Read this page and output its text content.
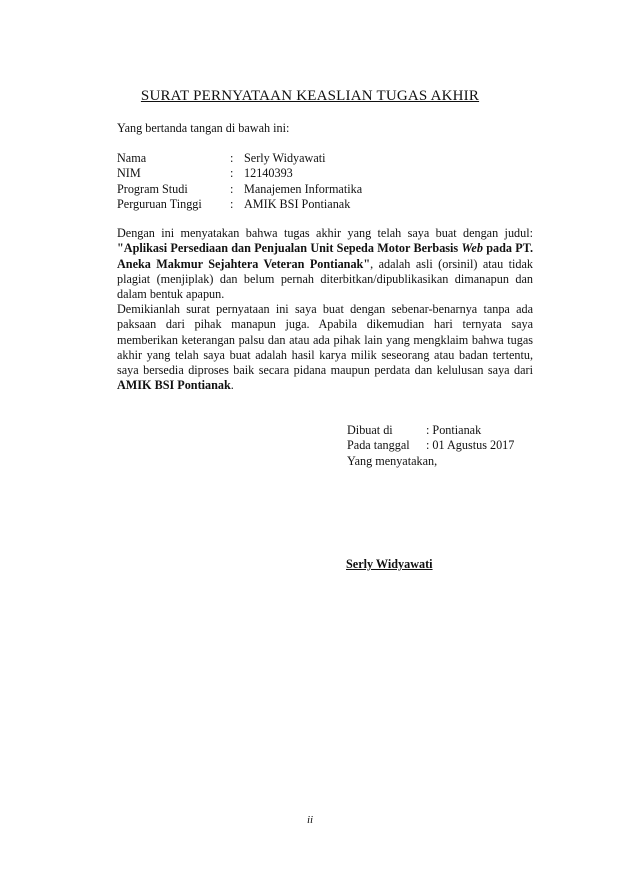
SURAT PERNYATAAN KEASLIAN TUGAS AKHIR
Yang bertanda tangan di bawah ini:
Nama	: Serly Widyawati
NIM	: 12140393
Program Studi	: Manajemen Informatika
Perguruan Tinggi : AMIK BSI Pontianak
Dengan ini menyatakan bahwa tugas akhir yang telah saya buat dengan judul: "Aplikasi Persediaan dan Penjualan Unit Sepeda Motor Berbasis Web pada PT. Aneka Makmur Sejahtera Veteran Pontianak", adalah asli (orsinil) atau tidak plagiat (menjiplak) dan belum pernah diterbitkan/dipublikasikan dimanapun dan dalam bentuk apapun.
Demikianlah surat pernyataan ini saya buat dengan sebenar-benarnya tanpa ada paksaan dari pihak manapun juga. Apabila dikemudian hari ternyata saya memberikan keterangan palsu dan atau ada pihak lain yang mengklaim bahwa tugas akhir yang telah saya buat adalah hasil karya milik seseorang atau badan tertentu, saya bersedia diproses baik secara pidana maupun perdata dan kelulusan saya dari AMIK BSI Pontianak.
Dibuat di	: Pontianak
Pada tanggal : 01 Agustus 2017
Yang menyatakan,
Serly Widyawati
ii
